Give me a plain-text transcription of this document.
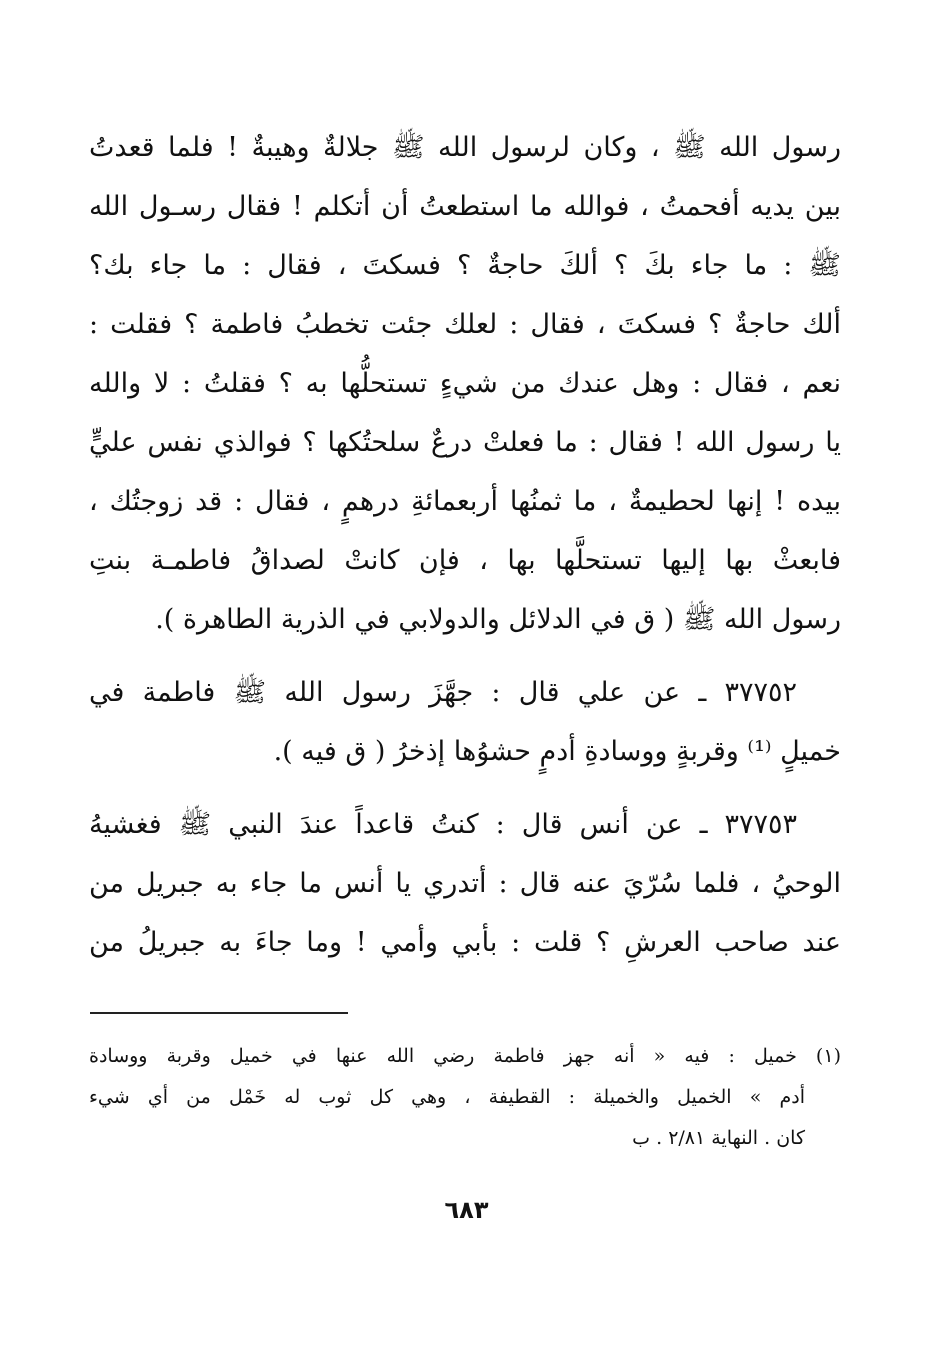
رسول الله ﷺ ، وكان لرسول الله ﷺ جلالةٌ وهيبةٌ ! فلما قعدتُ
بين يديه أفحمتُ ، فوالله ما استطعتُ أن أتكلم ! فقال رسـول الله
ﷺ : ما جاء بكَ ؟ ألكَ حاجةٌ ؟ فسكتَ ، فقال : ما جاء بك؟
ألك حاجةٌ ؟ فسكتَ ، فقال : لعلك جئت تخطبُ فاطمة ؟ فقلت :
نعم ، فقال : وهل عندك من شيءٍ تستحلُّها به ؟ فقلتُ : لا والله
يا رسول الله ! فقال : ما فعلتْ درعٌ سلحتُكها ؟ فوالذي نفس عليٍّ
بيده ! إنها لحطيمةٌ ، ما ثمنُها أربعمائةِ درهمٍ ، فقال : قد زوجتُك ،
فابعثْ بها إليها تستحلَّها بها ، فإن كانتْ لصداقُ فاطمـة بنتِ
رسول الله ﷺ ( ق في الدلائل والدولابي في الذرية الطاهرة ).
٣٧٧٥٢ ـ عن علي قال : جهَّزَ رسول الله ﷺ فاطمة في
خميلٍ ⁽¹⁾ وقربةٍ ووسادةِ أدمٍ حشوُها إذخرُ ( ق فيه ).
٣٧٧٥٣ ـ عن أنس قال : كنتُ قاعداً عندَ النبي ﷺ فغشيهُ
الوحيُ ، فلما سُرّيَ عنه قال : أتدري يا أنس ما جاء به جبريل من
عند صاحب العرشِ ؟ قلت : بأبي وأمي ! وما جاءَ به جبريلُ من
(١) خميل : فيه « أنه جهز فاطمة رضي الله عنها في خميل وقربة ووسادة
أدم » الخميل والخميلة : القطيفة ، وهي كل ثوب له خَمْل من أي شيء
كان . النهاية ٢/٨١ . ب
٦٨٣
